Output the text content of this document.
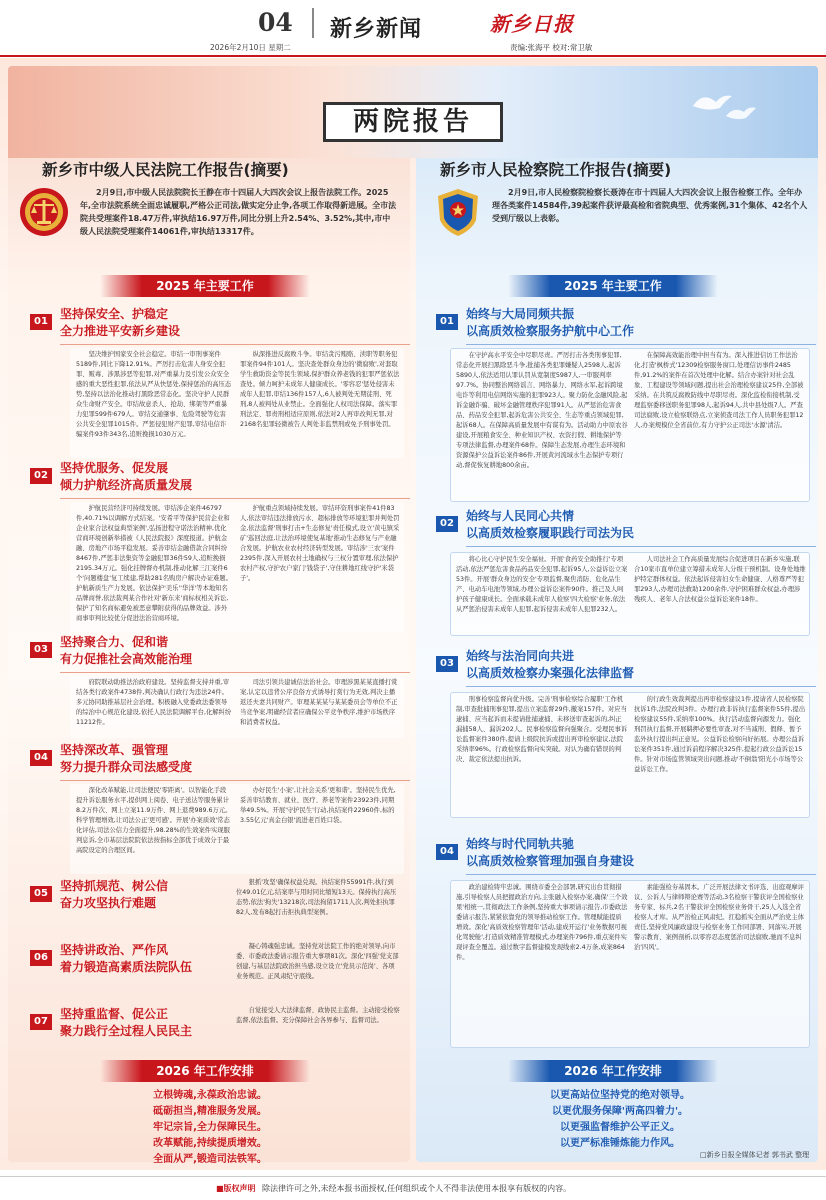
04
2026年2月10日 星期二
新乡新闻	新乡日报
责编:张海平 校对:常卫敏
两院报告
新乡市中级人民法院工作报告(摘要)
2月9日,市中级人民法院院长王静在市十四届人大四次会议上报告法院工作。2025年,全市法院系统全面忠诚履职,严格公正司法,做实定分止争,各项工作取得新进展。全市法院共受理案件18.47万件,审执结16.97万件,同比分别上升2.54%、3.52%,其中,市中级人民法院受理案件14061件,审执结13317件。
2025 年主要工作
01
坚持保安全、护稳定
全力推进平安新乡建设
坚决维护国家安全社会稳定。审结一审刑事案件5189件,同比下降12.91%。严厉打击危害人身安全犯罪、贩毒、涉黑涉恶等犯罪,对严重暴力及引发公众安全感的重大恶性犯罪,依法从严从快惩处,保持惩治的高压态势,坚持以法治化推动打黑除恶常态化。坚决守护人民群众生命财产安全。审结故意杀人、抢劫、绑架等严重暴力犯罪599件679人。审结交通肇事、危险驾驶等危害公共安全犯罪1015件。严惩侵犯财产犯罪,审结电信诈骗案件93件343名,追赃挽损1030万元。
纵深推进反腐败斗争。审结贪污贿赂、渎职等职务犯罪案件94件101人。坚决查处群众身边的'微腐败',对套取学生救助资金等民生领域,保护群众养老钱的犯罪严惩依法查处。倾力呵护未成年人健康成长。'零容忍'惩处侵害未成年人犯罪,审结136件157人,6人被判处无期徒刑、死刑,8人被判处从业禁止。全面强化人权司法保障。落实罪刑法定、罪责刑相适应原则,依法对2人再审改判无罪,对2168名犯罪轻微被告人判处非监禁刑或免予刑事处罚。
02
坚持优服务、促发展
倾力护航经济高质量发展
护航民营经济可持续发展。审结涉企案件46797件,40.71%以调解方式结案。'安希平等保护民营企业和企业家合法权益典型案例',弘扬进程守诺法治精神,优化营商环境创新举措被《人民法院报》深度报道。护航金融、房地产市场平稳发展。妥善审结金融借款合同纠纷8467件,严惩非法集资等金融犯罪36件59人,追赃挽损2195.34万元。强化挂牌督办机制,推动化解三江案件6个'问题楼盘'复工续建,帮助281名购房户解决办证难题。护航新质生产力发展。依法保护'美乐''华洋'等本地知名品牌商誉,依法裁判某合作社对'新东来'商标权相关诉讼,保护了知名商标避免被恶意攀附获得的品牌效益。涉外商事审判比较优分促进法治营商环境。
护航重点领域持续发展。审结环资刑事案件41件83人,依法审结违法排放污水、超标排放等环境犯罪并判处罚金,依法监督'刑事打击+生态修复'责任模式,设立'黄屯镇采矿'巡回法庭,让法治环境使复基地'推动生态修复与产业融合发展。护航农业农村经济转型发展。审结涉'三农'案件2395件,深入开展农村土地确权与三权分置审理,依法保护农村产权,守护农户家门'钱袋子',守住耕地红线守护'米袋子'。
03
坚持聚合力、促和谐
有力促推社会高效能治理
府院联动助推法治政府建设。坚持监督支持并重,审结各类行政案件4738件,判决确认行政行为违法24件。多元协同助推基层社会治理。积极融入党委政法委领导的综治中心规范化建设,依托人民法院调解平台,化解纠纷11212件。
司法引领共建诚信法治社会。审理涉黑某某直播打赏案,认定以违背公序良俗方式诱导打赏行为无效,判决主播返还夫妻共同财产。审理某某某与某某委员会等单位不正当竞争案,明确经营者应确保公平竞争秩序,维护市场秩序和消费者权益。
04
坚持深改革、强管理
努力提升群众司法感受度
深化改革赋能,让司法便民'零距离'。以智能化手段提升诉讼服务水平,提供网上阅卷、电子送达等服务累计8.2万件次、网上立案11.9万件、网上退费989.6万元。科学管理增效,让司法公正'更可感'。开展'办案质效'常态化评估,司法公信力全面提升,98.28%的生效案件实现服判息诉,全市基层法院院依法按指标全部优于成效分于最高院设定的合理区间。
办好民生'小案',让社会关系'更和谐'。坚持民生优先,妥善审结教育、就业、医疗、养老等案件23923件,同期举49.5%。开展'守护民生'行动,执结案件22960件,标的3.55亿元'真金白银'流进老百姓口袋。
05
坚持抓规范、树公信
奋力攻坚执行难题
狠抓'攻坚'确保权益兑现。执结案件55991件,执行到位49.01亿元,结案率与用时同比缩短13天。保持执行高压态势,依法'拘失'13218次,司法拘留1711人次,判处拒执罪82人,发布8起打击拒执典型案例。
06
坚持讲政治、严作风
着力锻造高素质法院队伍
凝心铸魂强忠诚。坚持党对法院工作的绝对领导,向市委、市委政法委请示报告重大事项81次。深化'四强'党支部创建,与基层法院政治担当感,设立设立'党员示范岗'、各项业务规范。正风肃纪守底线。
07
坚持重监督、促公正
聚力践行全过程人民民主
自觉接受人大法律监督、政协民主监督。主动接受检察监督,依法监督。充分保障社会各界参与、监督司法。
2026 年工作安排
立根铸魂,永葆政治忠诚。
砥砺担当,精准服务发展。
牢记宗旨,全力保障民生。
改革赋能,持续提质增效。
全面从严,锻造司法铁军。
新乡市人民检察院工作报告(摘要)
2月9日,市人民检察院检察长聂涛在市十四届人大四次会议上报告检察工作。全年办理各类案件14584件,39起案件获评最高检和省院典型、优秀案例,31个集体、42名个人受到厅级以上表彰。
2025 年主要工作
01
始终与大局同频共振
以高质效检察服务护航中心工作
在守护高水平安全中尽职尽责。严厉打击各类刑事犯罪,常态化开展扫黑除恶斗争,批捕各类犯罪嫌疑人2598人,起诉5890人,依法适用认罪认罚从宽制度5987人,一审服判率97.7%。协同整治网络谣言、网络暴力、网络水军,起诉跨境电诈等利用电信网络实施的犯罪923人。聚力防化金融风险,起诉金融诈骗、破坏金融管理秩序犯罪91人。从严惩治危害食品、药品安全犯罪,起诉危害公共安全、生态等重点领域犯罪,起诉68人。在保障高质量发展中有谋有为。活动助力中原农谷建设,开展粮食安全、种业知识产权、农资打假、耕地保护等专项法律监督,办理案件68件。保障生态发展,办理生态环境和资源保护公益诉讼案件86件,开展黄河流域水生态保护专项行动,督促恢复耕地800余亩。
在保障高效能治理中担当有为。深入推进信访工作法治化,打造'枫桥式'12309检察服务窗口,处理信访事件2485件,91.2%的案件在首次处理中化解。结合办案针对社会乱象、工程建设等领域问题,提出社会治理检察建议25件,全部被采纳。在共筑反腐败防线中尽职尽责。深化监检衔接机制,受理监察委移送职务犯罪98人,起诉94人,共中县处级7人。严查司法腐败,设立检察联络点,立案侦查司法工作人员职务犯罪12人,办案规模位全省前位,有力守护公正司法'水源'清洁。
02
始终与人民同心共情
以高质效检察履职践行司法为民
将心比心守护民生安全福祉。开展'食药安全助推行'专项活动,依法严惩危害食品药品安全犯罪,起诉95人,公益诉讼立案53件。开展'群众身边的安全'专项监督,聚焦消防、危化品生产、电动车电池等领域,办理公益诉讼案件90件。推己及人呵护孩子健康成长。全面承载未成年人检察'四大检察'业务,依法从严惩治侵害未成年人犯罪,起诉侵害未成年人犯罪232人。
人司法社会工作高质量发展综合促进项目在新乡实施,联合10家市直单位建立筹措未成年人分级干预机制。设身处地维护特定群体权益。依法起诉侵害妇女生命健康、人格尊严等犯罪293人,办理司法救助1200余件,守护困难群众权益,办理涉残疾人、老年人合法权益公益诉讼案件18件。
03
始终与法治同向共进
以高质效检察办案强化法律监督
刑事检察监督向优升级。完善'刑事检察综合履职'工作机制,审查批捕刑事犯罪,提出立案监督29件,撤案157件。对应当逮捕、应当起诉而未提请批捕逮捕、未移送审查起诉的,纠正漏捕58人、漏诉202人。民事检察监督向强聚合。受理民事诉讼监督案件380件,提请上级院抗诉或提出再审检察建议,法院采纳率96%。行政检察监督向实突破。对认为确有错误的判决、裁定依法提出抗诉。
的行政生效裁判提出再审检察建议1件,提请省人民检察院抗诉1件,法院改判3件。办理行政非诉执行监督案件55件,提出检察建议55件,采纳率100%。执行活动监督向源发力。强化刑罚执行监督,开展羁押必要性审查,对不当减刑、假释、暂予监外执行提出纠正意见。公益诉讼检察向好拓展。办理公益诉讼案件351件,通过诉前程序解决325件,提起行政公益诉讼15件。针对市场监管领域突出问题,推动'不倒翁'阳光小市场等公益诉讼工作。
04
始终与时代同轨共驰
以高质效检察管理加强自身建设
政治建检铸牢忠诚。围绕市委全会部署,研究出台贯彻措施,引导检察人员把握政治方向,主张融入检察办案,确保'三个效果'相统一,贯彻政法工作条例,坚持重大事项请示报告,市委政法委请示报告,紧紧依靠党的领导推动检察工作。管理赋能提质增效。深化'高质效检察管理年'活动,建成开运行'业务数据可视化驾驶舱',打造质效精准管理模式,办理案件796件,重点案件实现评查全覆盖。通过数字监督建模发现线索2.4万条,成案864件。
素能强检夯基固本。广泛开展法律文书评选、出庭观摩评议、公诉人与律师辩论赛等活动,3名检察干警获评全国检察业务专家、标兵,2名干警获评全国检察业务骨干,25人入选全省检察人才库。从严治检正风肃纪。扛稳抓实全面从严治党主体责任,坚持党风廉政建设与检察业务工作同部署、同落实,开展警示教育、案例剖析,以零容忍态度惩治司法腐败,驰而不息纠治'四风'。
2026 年工作安排
以更高站位坚持党的绝对领导。
以更优服务保障'两高四着力'。
以更强监督维护公平正义。
以更严标准锤炼能力作风。
□新乡日报全媒体记者 郭书武 整理
■版权声明 除法律许可之外,未经本报书面授权,任何组织或个人不得非法使用本报享有版权的内容。
